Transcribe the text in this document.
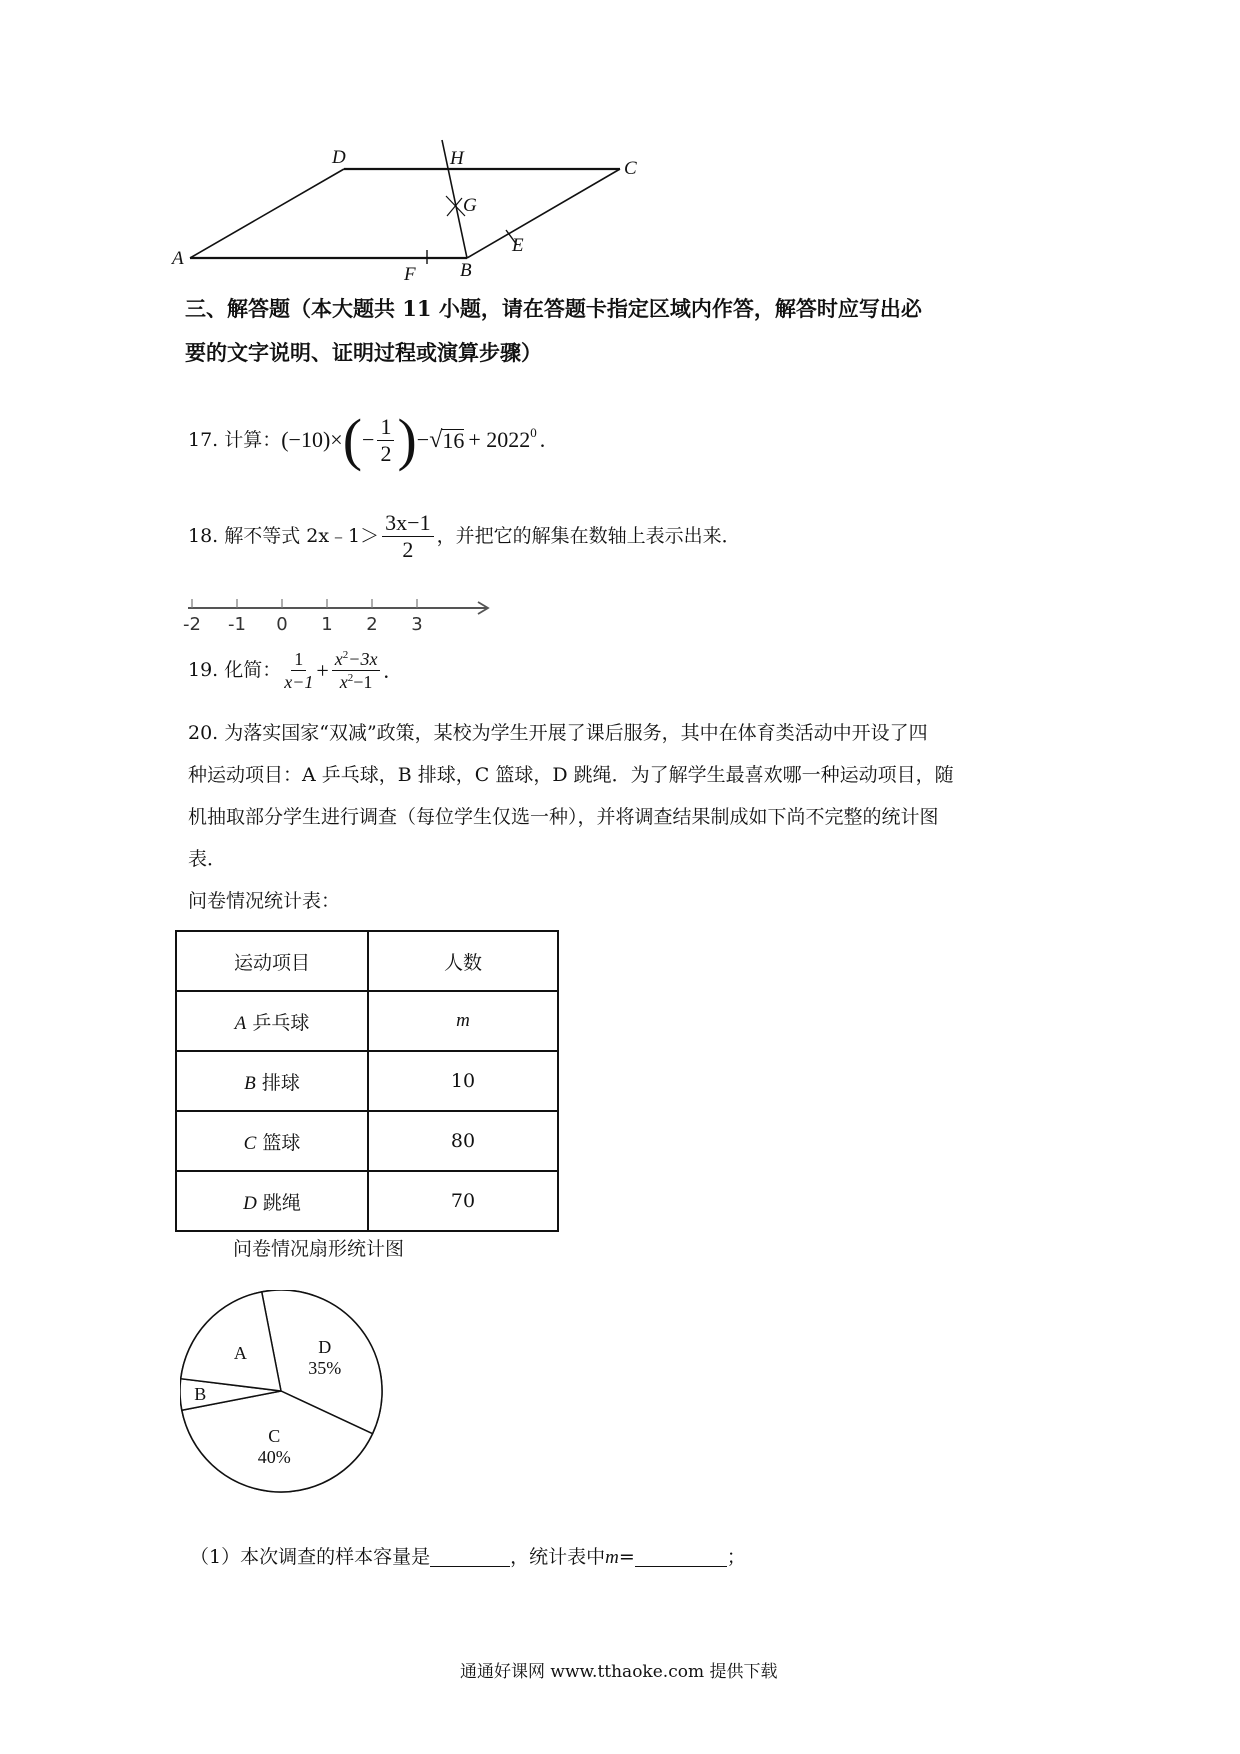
D	H	C
G
E
A
F B
三、解答题（本大题共 11 小题，请在答题卡指定区域内作答，解答时应写出必
要的文字说明、证明过程或演算步骤）
17. 计算： (−10)× ( − $\frac{1}{2}$ ) − √ $16 + 2022^0$ .
18. 解不等式 2x﹣1＞ $\frac{3x-1}{2}$ ，并把它的解集在数轴上表示出来．
-2 -1 0 1 2 3
19. 化简： $\frac{1}{x-1} + \frac{x^2-3x}{x^2-1}$ .
20. 为落实国家“双减”政策，某校为学生开展了课后服务，其中在体育类活动中开设了四
种运动项目：A 乒乓球，B 排球，C 篮球，D 跳绳．为了解学生最喜欢哪一种运动项目，随
机抽取部分学生进行调查（每位学生仅选一种），并将调查结果制成如下尚不完整的统计图
表．
问卷情况统计表：
运动项目	人数
A 乒乓球	m
B 排球	10
C 篮球	80
D 跳绳	70
问卷情况扇形统计图
D
35%
C
40%
B
A
（1）本次调查的样本容量是	，统计表中 m =	；
通通好课网 www.tthaoke.com 提供下载
